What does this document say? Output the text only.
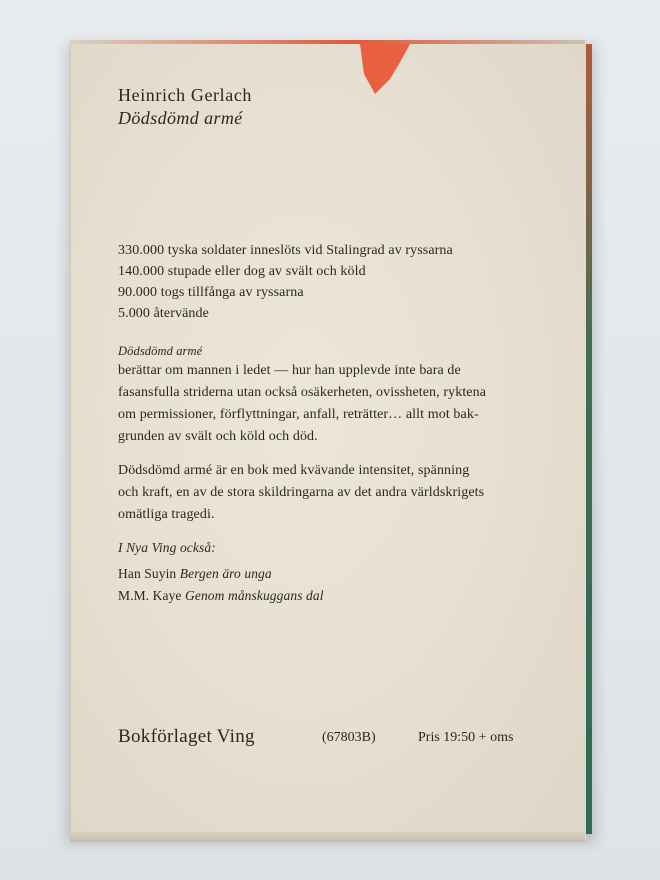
Heinrich Gerlach
Dödsdömd armé
330.000 tyska soldater inneslöts vid Stalingrad av ryssarna
140.000 stupade eller dog av svält och köld
90.000 togs tillfånga av ryssarna
5.000 återvände
Dödsdömd armé
berättar om mannen i ledet — hur han upplevde inte bara de
fasansfulla striderna utan också osäkerheten, ovissheten, ryktena
om permissioner, förflyttningar, anfall, reträtter… allt mot bak-
grunden av svält och köld och död.
Dödsdömd armé är en bok med kvävande intensitet, spänning
och kraft, en av de stora skildringarna av det andra världskrigets
omätliga tragedi.
I Nya Ving också:
Han Suyin Bergen äro unga
M.M. Kaye Genom månskuggans dal
Bokförlaget Ving	(67803B)	Pris 19:50 + oms
